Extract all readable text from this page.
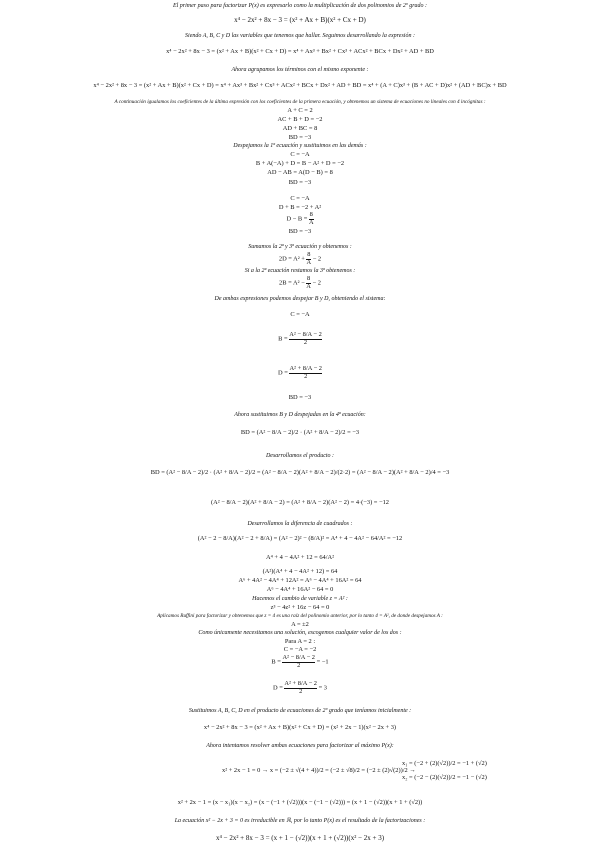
El primer paso para factorizar P(x) es expresarlo como la multiplicación de dos polinomios de 2º grado :
x⁴ − 2x² + 8x − 3 = (x² + Ax + B)(x² + Cx + D)
Siendo A, B, C y D las variables que tenemos que hallar. Seguimos desarrollando la expresión :
x⁴ − 2x² + 8x − 3 = (x² + Ax + B)(x² + Cx + D) = x⁴ + Ax³ + Bx² + Cx³ + ACx² + BCx + Dx² + AD + BD
Ahora agrupamos los términos con el mismo exponente :
x⁴ − 2x² + 8x − 3 = (x² + Ax + B)(x² + Cx + D) = x⁴ + Ax³ + Bx² + Cx³ + ACx² + BCx + Dx² + AD + BD = x⁴ + (A + C)x³ + (B + AC + D)x² + (AD + BC)x + BD
A continuación igualamos los coeficientes de la última expresión con los coeficientes de la primera ecuación, y obtenemos un sistema de ecuaciones no lineales con 4 incógnitas :
A + C = 2
AC + B + D = −2
AD + BC = 8
BD = −3
Despejamos la 1ª ecuación y sustituimos en las demás :
C = −A
B + A(−A) + D = B − A² + D = −2
AD − AB = A(D − B) = 8
BD = −3
C = −A
D + B = −2 + A²
$D - B = \frac{8}{A}$
BD = −3
Sumamos la 2ª y 3ª ecuación y obtenemos :
$2D = A^2 + \frac{8}{A} - 2$
Si a la 2ª ecuación restamos la 3ª obtenemos :
$2B = A^2 - \frac{8}{A} - 2$
De ambas expresiones podemos despejar B y D, obteniendo el sistema:
C = −A
$B = \frac{\text{A² − 8/A − 2}}{2}$
$D = \frac{\text{A² + 8/A − 2}}{2}$
BD = −3
Ahora sustituimos B y D despejadas en la 4ª ecuación:
BD = (A² − 8/A − 2)/2 · (A² + 8/A − 2)/2 = −3
Desarrollamos el producto :
BD = (A² − 8/A − 2)/2 · (A² + 8/A − 2)/2 = (A² − 8/A − 2)(A² + 8/A − 2)/(2·2) = (A² − 8/A − 2)(A² + 8/A − 2)/4 = −3
(A² − 8/A − 2)(A² + 8/A − 2) = (A² + 8/A − 2)(A² − 2) = 4·(−3) = −12
Desarrollamos la diferencia de cuadrados :
(A² − 2 − 8/A)(A² − 2 + 8/A) = (A² − 2)² − (8/A)² = A⁴ + 4 − 4A² − 64/A² = −12
A⁴ + 4 − 4A² + 12 = 64/A²
(A²)(A⁴ + 4 − 4A² + 12) = 64
A⁶ + 4A² − 4A⁴ + 12A² = A⁶ − 4A⁴ + 16A² = 64
A⁶ − 4A⁴ + 16A² − 64 = 0
Hacemos el cambio de variable z = A² :
z³ − 4z² + 16z − 64 = 0
Aplicamos Ruffini para factorizar y obtenemos que z = 4 es una raíz del polinomio anterior, por lo tanto 4 = A², de donde despejamos A :
A = ±2
Como únicamente necesitamos una solución, escogemos cualquier valor de los dos :
Para A = 2 :
C = −A = −2
$B = \frac{\text{A² − 8/A − 2}}{2} = -1$
$D = \frac{\text{A² + 8/A − 2}}{2} = 3$
Sustituimos A, B, C, D en el producto de ecuaciones de 2º grado que teníamos inicialmente :
x⁴ − 2x² + 8x − 3 = (x² + Ax + B)(x² + Cx + D) = (x² + 2x − 1)(x² − 2x + 3)
Ahora intentamos resolver ambas ecuaciones para factorizar al máximo P(x):
x² + 2x − 1 = 0 → x = (−2 ± √(4 + 4))/2 = (−2 ± √8)/2 = (−2 ± (2)√(2))/2 →
x₁ = (−2 + (2)(√2))/2 = −1 + (√2)
x₂ = (−2 − (2)(√2))/2 = −1 − (√2)
x² + 2x − 1 = (x − x₁)(x − x₂) = (x − (−1 + (√2)))(x − (−1 − (√2))) = (x + 1 − (√2))(x + 1 + (√2))
La ecuación x² − 2x + 3 = 0 es irreducible en ℝ, por lo tanto P(x) es el resultado de la factorizaciones :
x⁴ − 2x² + 8x − 3 = (x + 1 − (√2))(x + 1 + (√2))(x² − 2x + 3)
